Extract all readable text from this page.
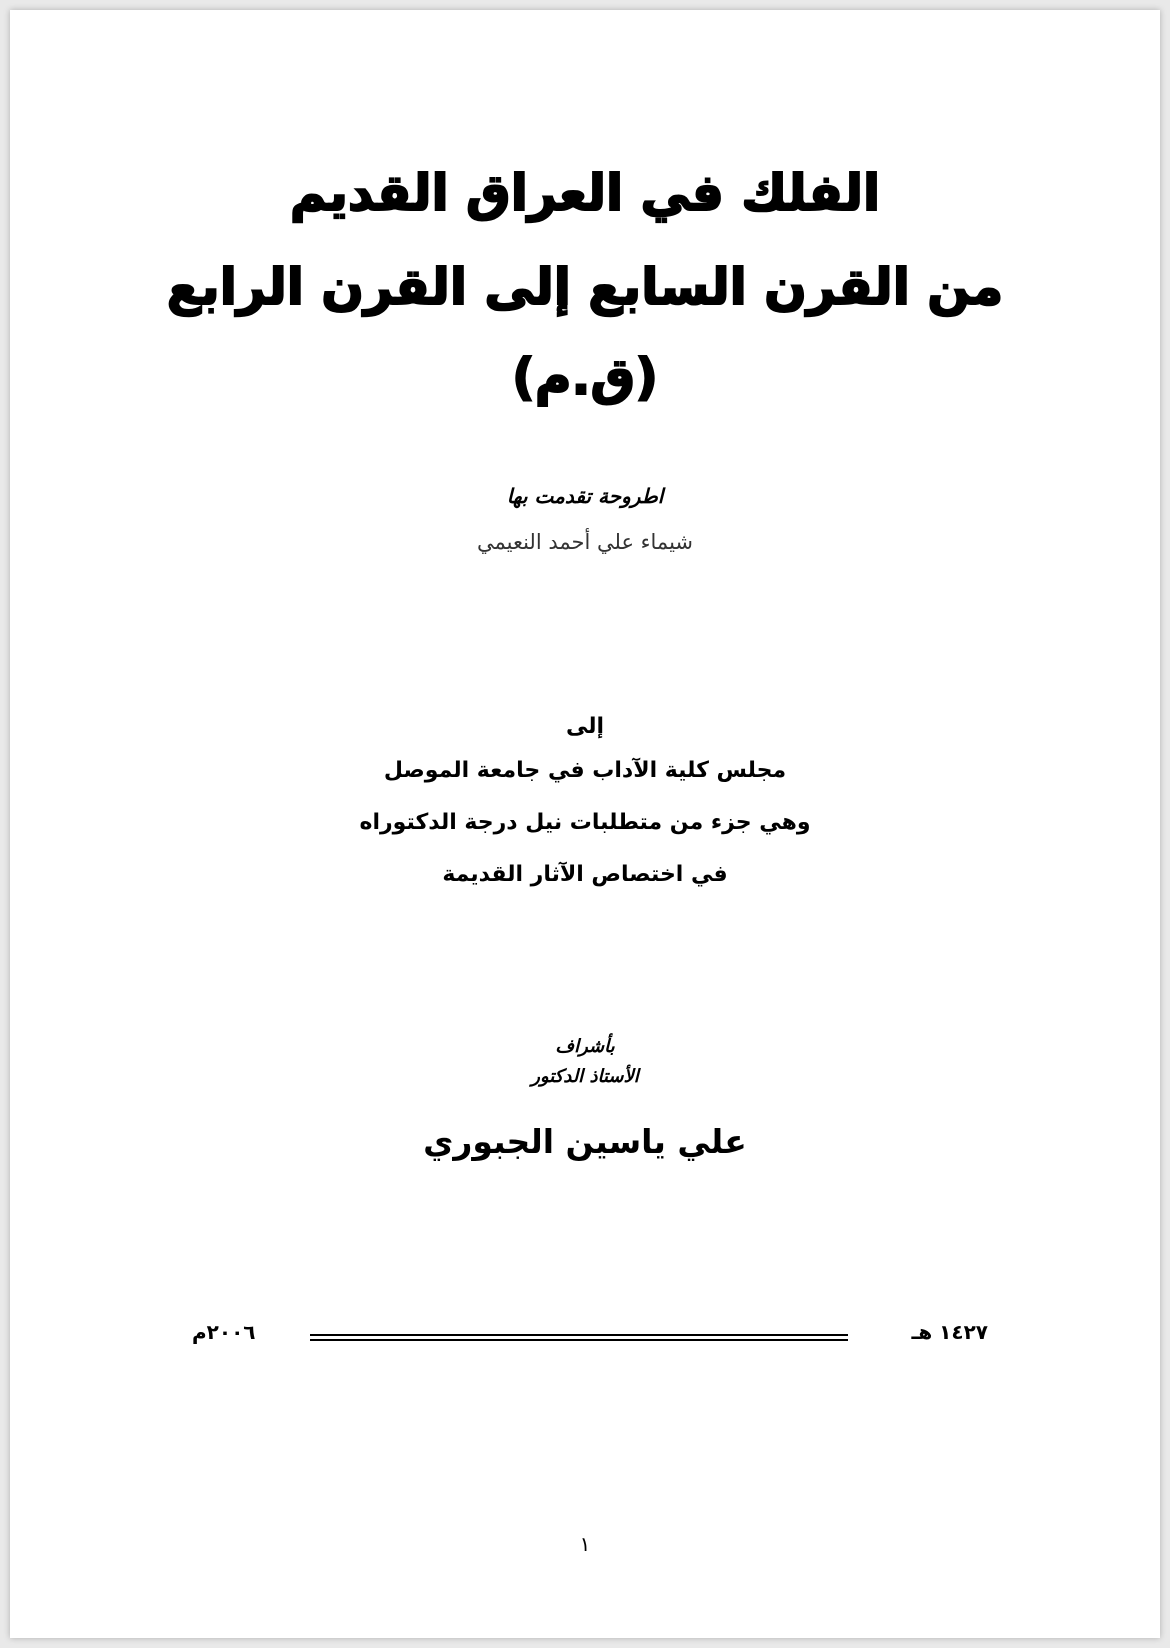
الفلك في العراق القديم
من القرن السابع إلى القرن الرابع
(ق.م)
اطروحة تقدمت بها
شيماء علي أحمد النعيمي
إلى
مجلس كلية الآداب في جامعة الموصل
وهي جزء من متطلبات نيل درجة الدكتوراه
في اختصاص الآثار القديمة
بأشراف
الأستاذ الدكتور
علي ياسين الجبوري
١٤٢٧ هـ
٢٠٠٦م
١
